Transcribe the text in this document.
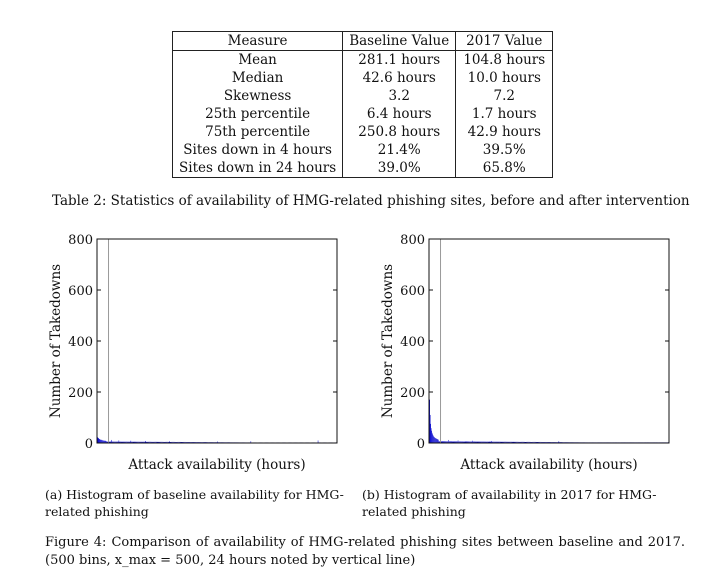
Measure	Baseline Value	2017 Value
Mean	281.1 hours	104.8 hours
Median	42.6 hours	10.0 hours
Skewness	3.2	7.2
25th percentile	6.4 hours	1.7 hours
75th percentile	250.8 hours	42.9 hours
Sites down in 4 hours	21.4%	39.5%
Sites down in 24 hours	39.0%	65.8%
Table 2: Statistics of availability of HMG-related phishing sites, before and after intervention
0
200
400
600
800
Attack availability (hours)
Number of Takedowns
0
200
400
600
800
Attack availability (hours)
Number of Takedowns
(a) Histogram of baseline availability for HMG-related phishing
(b) Histogram of availability in 2017 for HMG-related phishing
Figure 4: Comparison of availability of HMG-related phishing sites between baseline and 2017.(500 bins, x_max = 500, 24 hours noted by vertical line)
